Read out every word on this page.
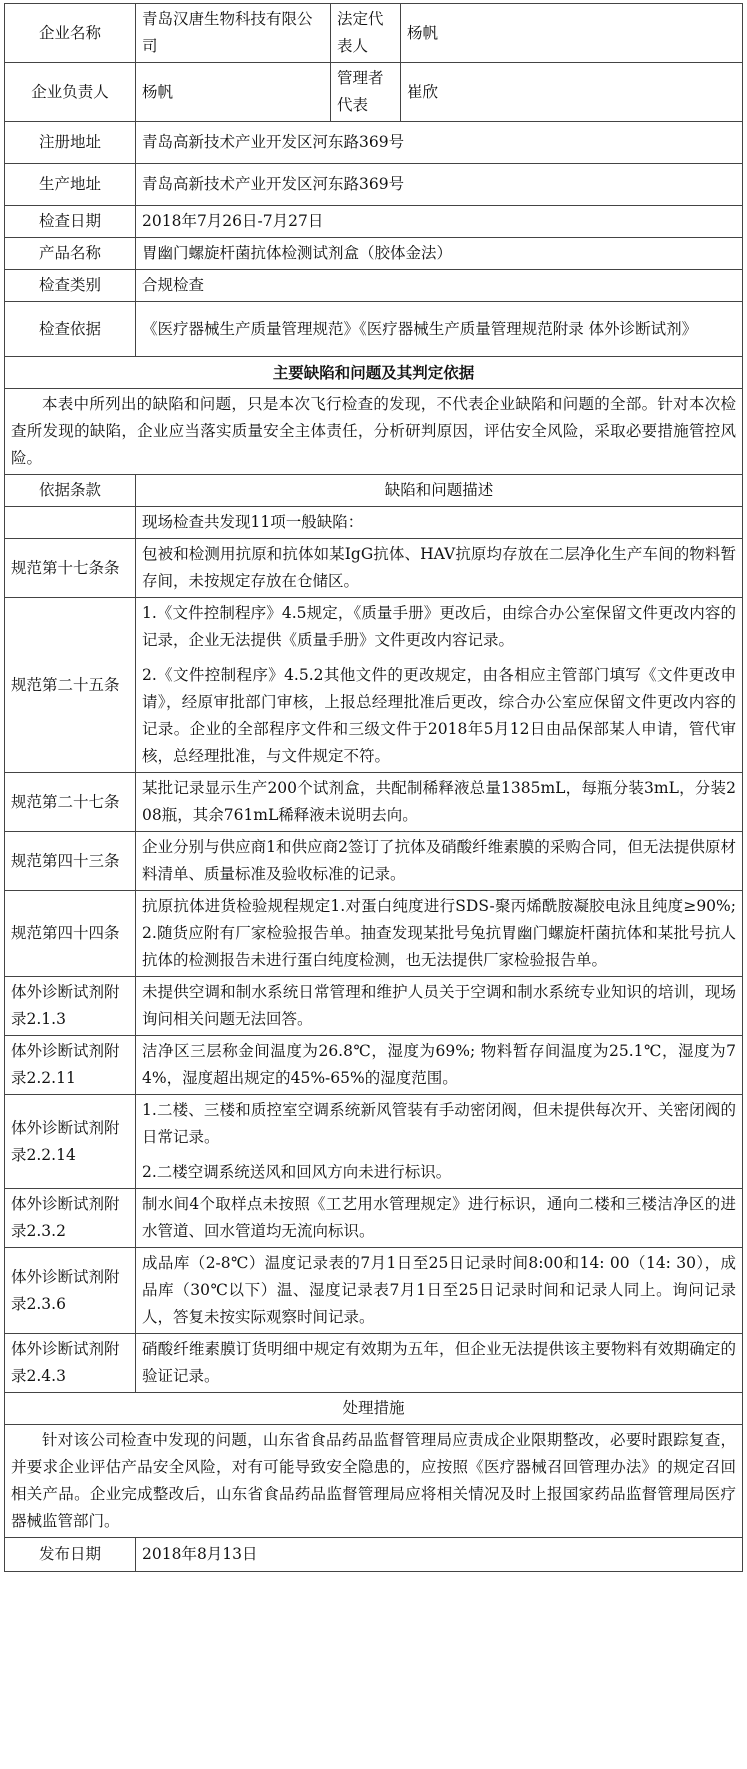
企业名称	青岛汉唐生物科技有限公司	法定代表人	杨帆
企业负责人	杨帆	管理者代表	崔欣
注册地址	青岛高新技术产业开发区河东路369号		
生产地址	青岛高新技术产业开发区河东路369号		
检查日期	2018年7月26日-7月27日		
产品名称	胃幽门螺旋杆菌抗体检测试剂盒（胶体金法）		
检查类别	合规检查		
检查依据	《医疗器械生产质量管理规范》《医疗器械生产质量管理规范附录 体外诊断试剂》		
主要缺陷和问题及其判定依据			
本表中所列出的缺陷和问题，只是本次飞行检查的发现，不代表企业缺陷和问题的全部。针对本次检查所发现的缺陷，企业应当落实质量安全主体责任，分析研判原因，评估安全风险，采取必要措施管控风险。			
依据条款	缺陷和问题描述		
	现场检查共发现11项一般缺陷：		
规范第十七条条	包被和检测用抗原和抗体如某IgG抗体、HAV抗原均存放在二层净化生产车间的物料暂存间，未按规定存放在仓储区。		

规范第二十五条	1.《文件控制程序》4.5规定，《质量手册》更改后，由综合办公室保留文件更改内容的记录，企业无法提供《质量手册》文件更改内容记录。

2.《文件控制程序》4.5.2其他文件的更改规定，由各相应主管部门填写《文件更改申请》，经原审批部门审核，上报总经理批准后更改，综合办公室应保留文件更改内容的记录。企业的全部程序文件和三级文件于2018年5月12日由品保部某人申请，管代审核，总经理批准，与文件规定不符。		

规范第二十七条	某批记录显示生产200个试剂盒，共配制稀释液总量1385mL，每瓶分装3mL，分装208瓶，其余761mL稀释液未说明去向。		

规范第四十三条	企业分别与供应商1和供应商2签订了抗体及硝酸纤维素膜的采购合同，但无法提供原材料清单、质量标准及验收标准的记录。		

规范第四十四条	抗原抗体进货检验规程规定1.对蛋白纯度进行SDS-聚丙烯酰胺凝胶电泳且纯度≥90%; 2.随货应附有厂家检验报告单。抽查发现某批号兔抗胃幽门螺旋杆菌抗体和某批号抗人抗体的检测报告未进行蛋白纯度检测，也无法提供厂家检验报告单。		

体外诊断试剂附录2.1.3	未提供空调和制水系统日常管理和维护人员关于空调和制水系统专业知识的培训，现场询问相关问题无法回答。		

体外诊断试剂附录2.2.11	洁净区三层称金间温度为26.8℃，湿度为69%; 物料暂存间温度为25.1℃，湿度为74%，湿度超出规定的45%-65%的湿度范围。		

体外诊断试剂附录2.2.14	1.二楼、三楼和质控室空调系统新风管装有手动密闭阀，但未提供每次开、关密闭阀的日常记录。

2.二楼空调系统送风和回风方向未进行标识。		

体外诊断试剂附录2.3.2	制水间4个取样点未按照《工艺用水管理规定》进行标识，通向二楼和三楼洁净区的进水管道、回水管道均无流向标识。		

体外诊断试剂附录2.3.6	成品库（2-8℃）温度记录表的7月1日至25日记录时间8:00和14: 00（14: 30），成品库（30℃以下）温、湿度记录表7月1日至25日记录时间和记录人同上。询问记录人，答复未按实际观察时间记录。		

体外诊断试剂附录2.4.3	硝酸纤维素膜订货明细中规定有效期为五年，但企业无法提供该主要物料有效期确定的验证记录。		

处理措施			
针对该公司检查中发现的问题，山东省食品药品监督管理局应责成企业限期整改，必要时跟踪复查，并要求企业评估产品安全风险，对有可能导致安全隐患的，应按照《医疗器械召回管理办法》的规定召回相关产品。企业完成整改后，山东省食品药品监督管理局应将相关情况及时上报国家药品监督管理局医疗器械监管部门。			
发布日期	2018年8月13日		
